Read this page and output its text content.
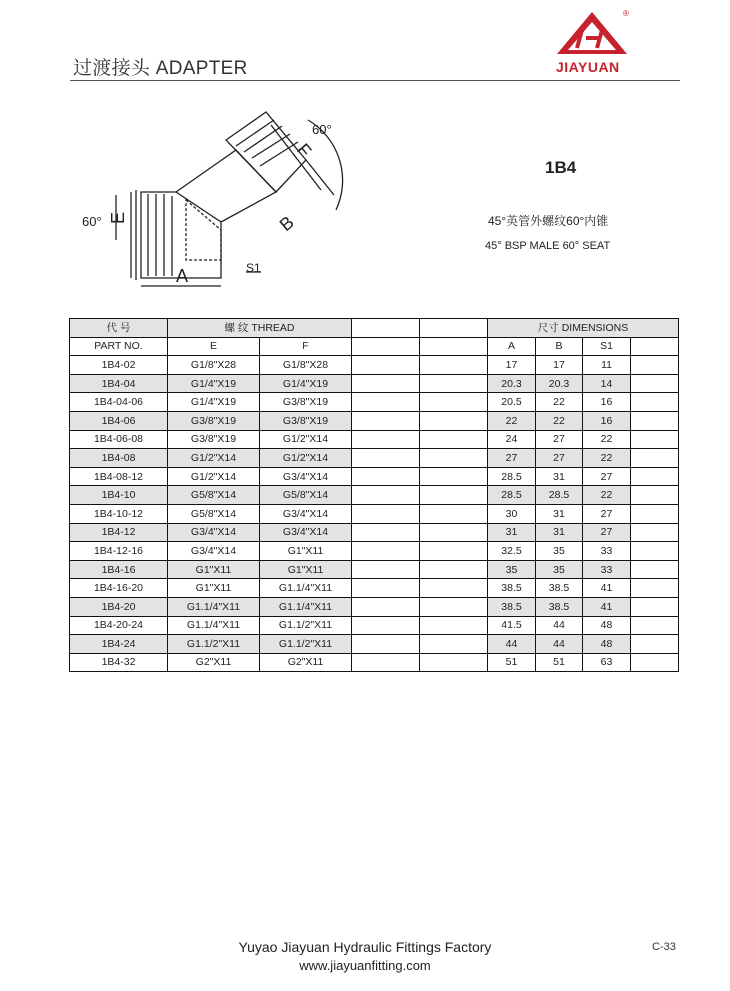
过渡接头 ADAPTER
®
JIAYUAN
60°
60°
F
E	B
A	S1
1B4
45°英管外螺纹60°内锥
45° BSP MALE 60° SEAT
代 号	螺 纹 THREAD				尺寸 DIMENSIONS			
PART NO.	E	F			A	B	S1	
1B4-02	G1/8"X28	G1/8"X28			17	17	11	
1B4-04	G1/4"X19	G1/4"X19			20.3	20.3	14	
1B4-04-06	G1/4"X19	G3/8"X19			20.5	22	16	
1B4-06	G3/8"X19	G3/8"X19			22	22	16	
1B4-06-08	G3/8"X19	G1/2"X14			24	27	22	
1B4-08	G1/2"X14	G1/2"X14			27	27	22	
1B4-08-12	G1/2"X14	G3/4"X14			28.5	31	27	
1B4-10	G5/8"X14	G5/8"X14			28.5	28.5	22	
1B4-10-12	G5/8"X14	G3/4"X14			30	31	27	
1B4-12	G3/4"X14	G3/4"X14			31	31	27	
1B4-12-16	G3/4"X14	G1"X11			32.5	35	33	
1B4-16	G1"X11	G1"X11			35	35	33	
1B4-16-20	G1"X11	G1.1/4"X11			38.5	38.5	41	
1B4-20	G1.1/4"X11	G1.1/4"X11			38.5	38.5	41	
1B4-20-24	G1.1/4"X11	G1.1/2"X11			41.5	44	48	
1B4-24	G1.1/2"X11	G1.1/2"X11			44	44	48	
1B4-32	G2"X11	G2"X11			51	51	63	
Yuyao Jiayuan Hydraulic Fittings Factory
www.jiayuanfitting.com
C-33
